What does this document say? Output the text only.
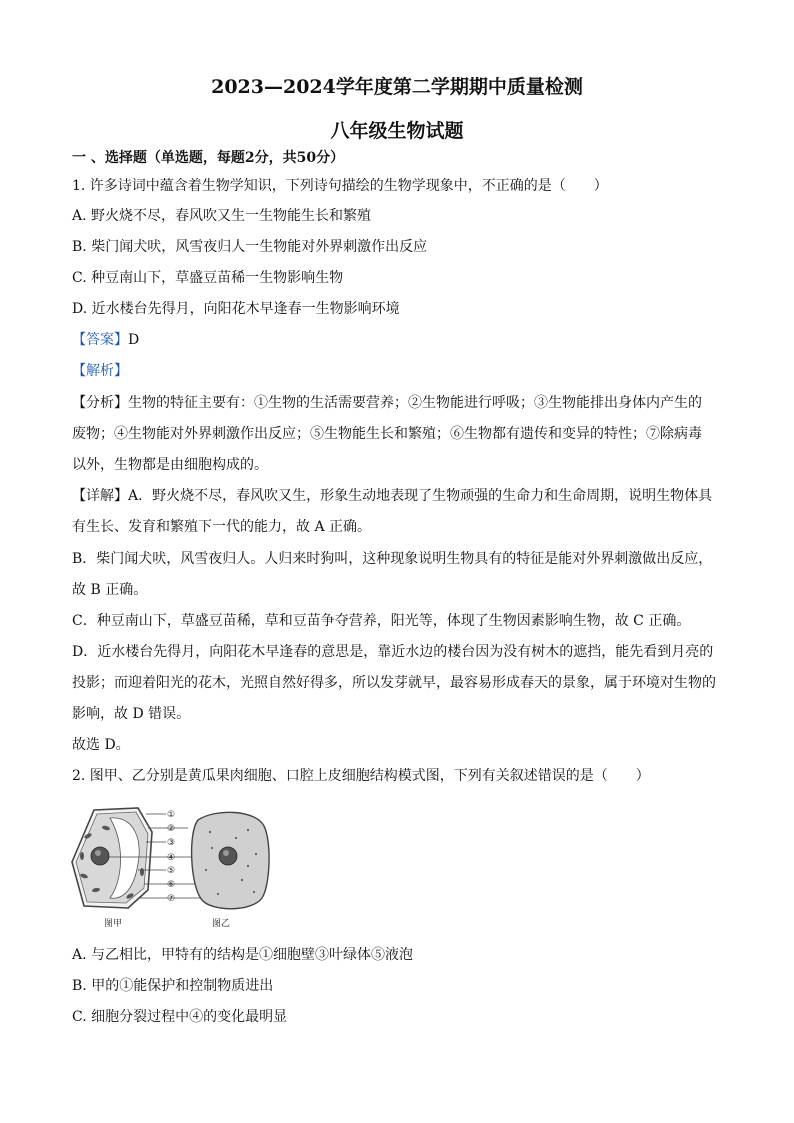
2023—2024学年度第二学期期中质量检测
八年级生物试题
一 、选择题（单选题，每题2分，共50分）
1. 许多诗词中蕴含着生物学知识，下列诗句描绘的生物学现象中，不正确的是（　　）
A. 野火烧不尽，春风吹又生一生物能生长和繁殖
B. 柴门闻犬吠，风雪夜归人一生物能对外界刺激作出反应
C. 种豆南山下，草盛豆苗稀一生物影响生物
D. 近水楼台先得月，向阳花木早逢春一生物影响环境
【答案】D
【解析】
【分析】生物的特征主要有：①生物的生活需要营养；②生物能进行呼吸；③生物能排出身体内产生的
废物；④生物能对外界刺激作出反应；⑤生物能生长和繁殖；⑥生物都有遗传和变异的特性；⑦除病毒
以外，生物都是由细胞构成的。
【详解】A．野火烧不尽，春风吹又生，形象生动地表现了生物顽强的生命力和生命周期，说明生物体具
有生长、发育和繁殖下一代的能力，故 A 正确。
B．柴门闻犬吠，风雪夜归人。人归来时狗叫，这种现象说明生物具有的特征是能对外界刺激做出反应，
故 B 正确。
C．种豆南山下，草盛豆苗稀，草和豆苗争夺营养，阳光等，体现了生物因素影响生物，故 C 正确。
D．近水楼台先得月，向阳花木早逢春的意思是，靠近水边的楼台因为没有树木的遮挡，能先看到月亮的
投影；而迎着阳光的花木，光照自然好得多，所以发芽就早，最容易形成春天的景象，属于环境对生物的
影响，故 D 错误。
故选 D。
2. 图甲、乙分别是黄瓜果肉细胞、口腔上皮细胞结构模式图，下列有关叙述错误的是（　　）
①
②
③
④
⑤
⑥
⑦
图甲	图乙
A. 与乙相比，甲特有的结构是①细胞壁③叶绿体⑤液泡
B. 甲的①能保护和控制物质进出
C. 细胞分裂过程中④的变化最明显
